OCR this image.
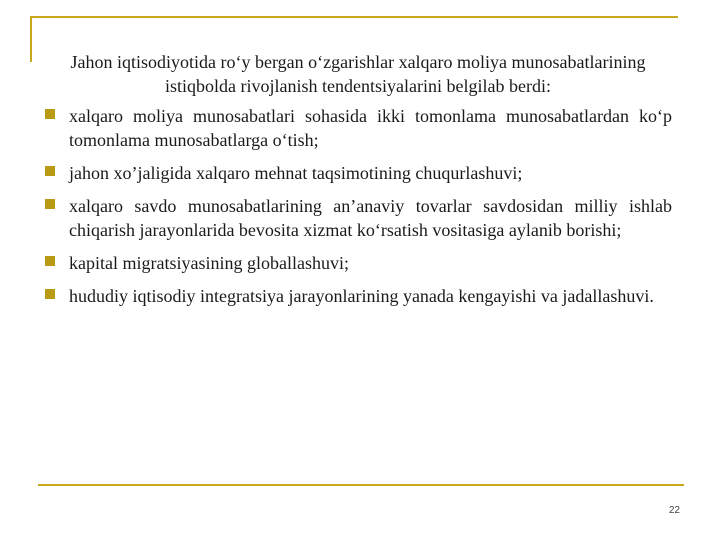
Jahon iqtisodiyotida ro‘y bergan o‘zgarishlar xalqaro moliya munosabatlarining istiqbolda rivojlanish tendentsiyalarini belgilab berdi:

xalqaro moliya munosabatlari sohasida ikki tomonlama munosabatlardan ko‘p tomonlama munosabatlarga o‘tish;
jahon xo’jaligida xalqaro mehnat taqsimotining chuqurlashuvi;
xalqaro savdo munosabatlarining an’anaviy tovarlar savdosidan milliy ishlab chiqarish jarayonlarida bevosita xizmat ko‘rsatish vositasiga aylanib borishi;
kapital migratsiyasining globallashuvi;
hududiy iqtisodiy integratsiya jarayonlarining yanada kengayishi va jadallashuvi.
22
